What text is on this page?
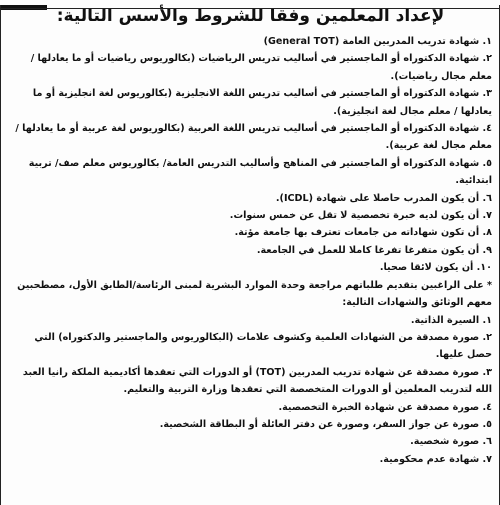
لإعداد المعلمين وفقا للشروط والأسس التالية:
١. شهادة تدريب المدربين العامة (General TOT)
٢. شهادة الدكتوراه أو الماجستير في أساليب تدريس الرياضيات (بكالوريوس رياضيات أو ما يعادلها / معلم مجال رياضيات).
٣. شهادة الدكتوراه أو الماجستير في أساليب تدريس اللغة الانجليزية (بكالوريوس لغة انجليزية أو ما يعادلها / معلم مجال لغة انجليزية).
٤. شهادة الدكتوراه أو الماجستير في أساليب تدريس اللغة العربية (بكالوريوس لغة عربية أو ما يعادلها / معلم مجال لغة عربية).
٥. شهادة الدكتوراه أو الماجستير في المناهج وأساليب التدريس العامة/ بكالوريوس معلم صف/ تربية ابتدائية.
٦. أن يكون المدرب حاصلا على شهادة (ICDL).
٧. أن يكون لديه خبرة تخصصية لا تقل عن خمس سنوات.
٨. أن تكون شهاداته من جامعات تعترف بها جامعة مؤتة.
٩. أن يكون متفرغا تفرغا كاملا للعمل في الجامعة.
١٠. أن يكون لائقا صحيا.

* على الراغبين بتقديم طلباتهم مراجعة وحدة الموارد البشرية لمبنى الرئاسة/الطابق الأول، مصطحبين معهم الوثائق والشهادات التالية:

١. السيرة الذاتية.
٢. صورة مصدقة من الشهادات العلمية وكشوف علامات (البكالوريوس والماجستير والدكتوراه) التي حصل عليها.
٣. صورة مصدقة عن شهادة تدريب المدربين (TOT) أو الدورات التي تعقدها أكاديمية الملكة رانيا العبد الله لتدريب المعلمين أو الدورات المتخصصة التي تعقدها وزارة التربية والتعليم.
٤. صورة مصدقة عن شهادة الخبرة التخصصية.
٥. صورة عن جواز السفر، وصورة عن دفتر العائلة أو البطاقة الشخصية.
٦. صورة شخصية.
٧. شهادة عدم محكومية.
